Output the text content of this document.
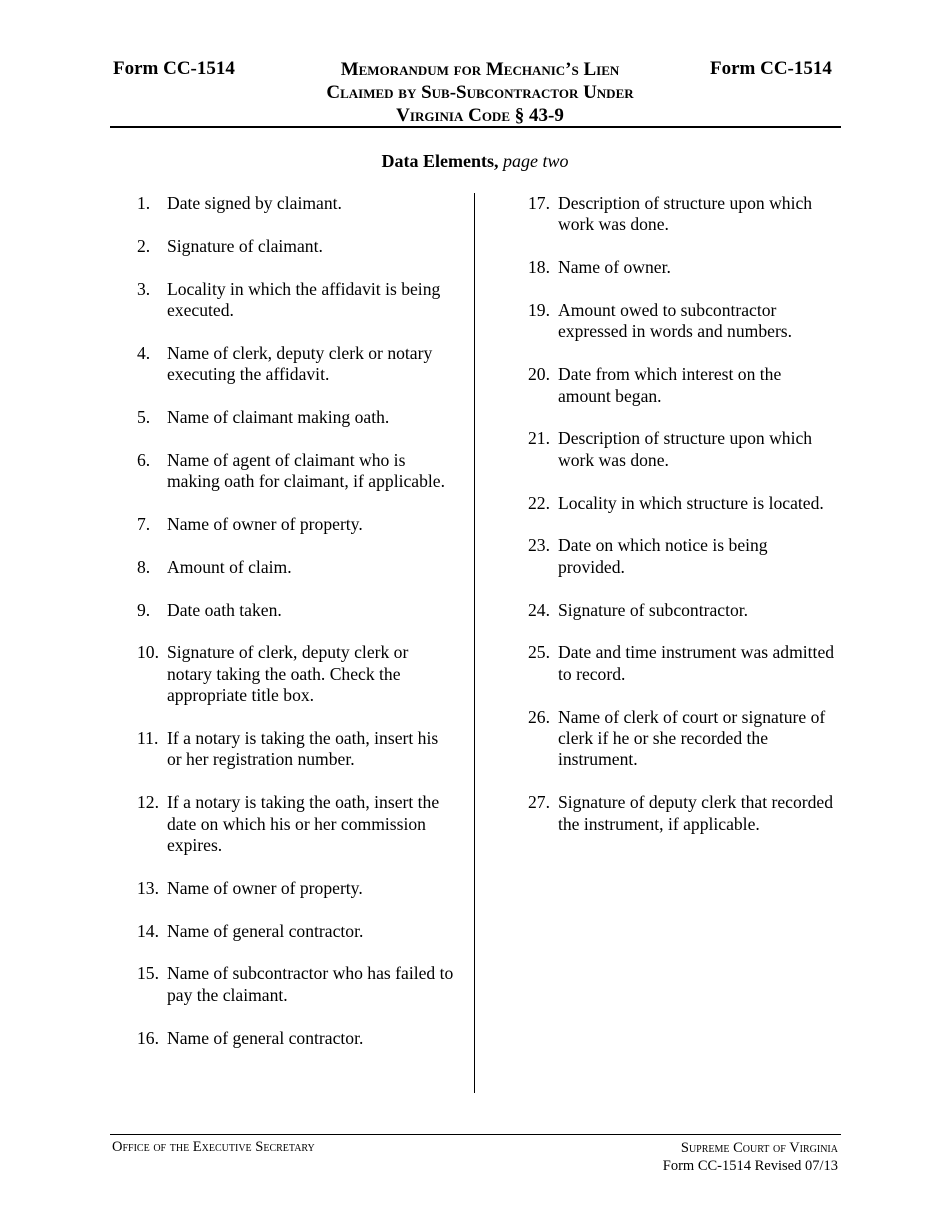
Form CC-1514	Memorandum for Mechanic’s Lien
Claimed by Sub-Subcontractor Under
Virginia Code § 43-9
Form CC-1514
Data Elements, page two
1. Date signed by claimant.
2. Signature of claimant.
3. Locality in which the affidavit is being executed.
4. Name of clerk, deputy clerk or notary executing the affidavit.
5. Name of claimant making oath.
6. Name of agent of claimant who is making oath for claimant, if applicable.
7. Name of owner of property.
8. Amount of claim.
9. Date oath taken.
10. Signature of clerk, deputy clerk or notary taking the oath. Check the appropriate title box.
11. If a notary is taking the oath, insert his or her registration number.
12. If a notary is taking the oath, insert the date on which his or her commission expires.
13. Name of owner of property.
14. Name of general contractor.
15. Name of subcontractor who has failed to pay the claimant.
16. Name of general contractor.
17. Description of structure upon which work was done.
18. Name of owner.
19. Amount owed to subcontractor expressed in words and numbers.
20. Date from which interest on the amount began.
21. Description of structure upon which work was done.
22. Locality in which structure is located.
23. Date on which notice is being provided.
24. Signature of subcontractor.
25. Date and time instrument was admitted to record.
26. Name of clerk of court or signature of clerk if he or she recorded the instrument.
27. Signature of deputy clerk that recorded the instrument, if applicable.
Office of the Executive Secretary	Supreme Court of Virginia
Form CC-1514 Revised 07/13
